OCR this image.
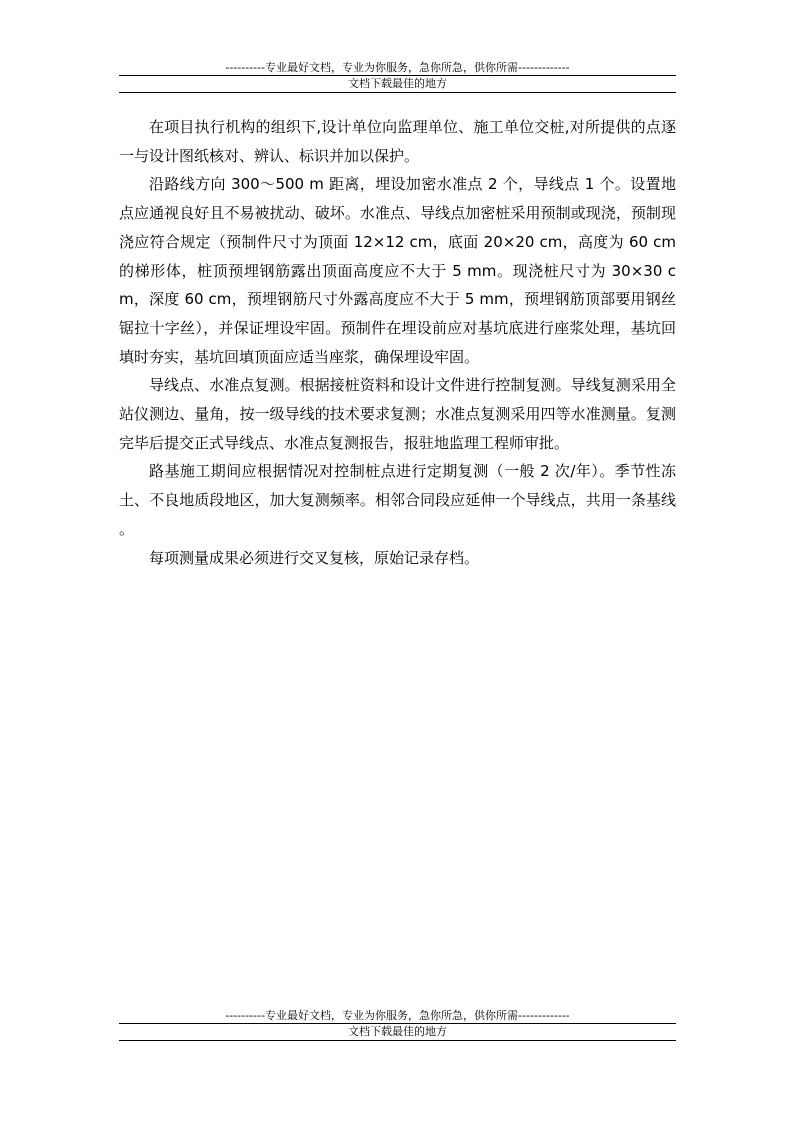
----------专业最好文档，专业为你服务，急你所急，供你所需-------------
文档下载最佳的地方

在项目执行机构的组织下,设计单位向监理单位、施工单位交桩,对所提供的点逐一与设计图纸核对、辨认、标识并加以保护。

沿路线方向 300～500 m 距离，埋设加密水准点 2 个，导线点 1 个。设置地点应通视良好且不易被扰动、破坏。水准点、导线点加密桩采用预制或现浇，预制现浇应符合规定（预制件尺寸为顶面 12×12 cm，底面 20×20 cm，高度为 60 cm 的梯形体，桩顶预埋钢筋露出顶面高度应不大于 5 mm。现浇桩尺寸为 30×30 cm，深度 60 cm，预埋钢筋尺寸外露高度应不大于 5 mm，预埋钢筋顶部要用钢丝锯拉十字丝），并保证埋设牢固。预制件在埋设前应对基坑底进行座浆处理，基坑回填时夯实，基坑回填顶面应适当座浆，确保埋设牢固。

导线点、水准点复测。根据接桩资料和设计文件进行控制复测。导线复测采用全站仪测边、量角，按一级导线的技术要求复测；水准点复测采用四等水准测量。复测完毕后提交正式导线点、水准点复测报告，报驻地监理工程师审批。

路基施工期间应根据情况对控制桩点进行定期复测（一般 2 次/年）。季节性冻土、不良地质段地区，加大复测频率。相邻合同段应延伸一个导线点，共用一条基线 。

每项测量成果必须进行交叉复核，原始记录存档。

----------专业最好文档，专业为你服务，急你所急，供你所需-------------
文档下载最佳的地方
